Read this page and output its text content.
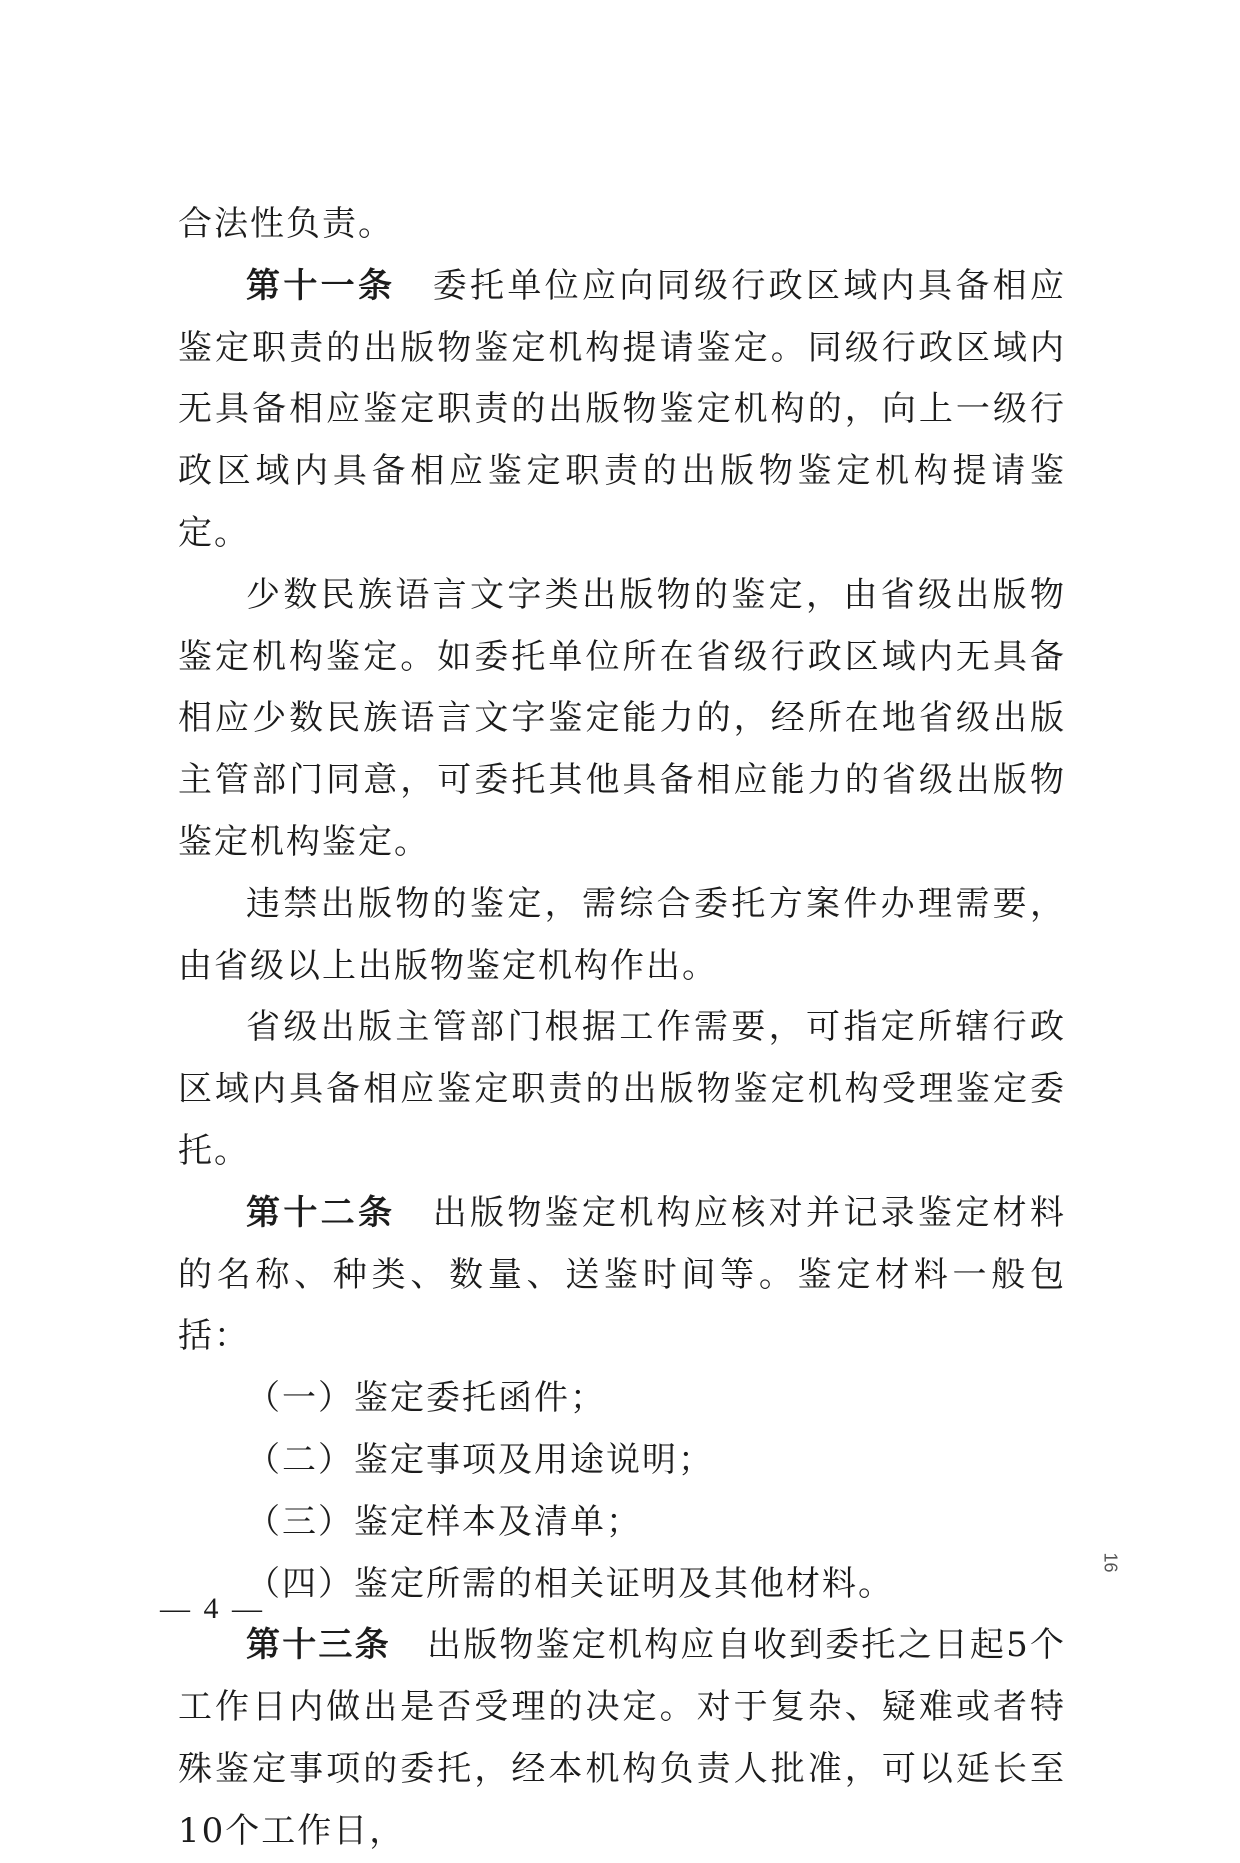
合法性负责。

第十一条　 委托单位应向同级行政区域内具备相应鉴定职责的出版物鉴定机构提请鉴定。同级行政区域内无具备相应鉴定职责的出版物鉴定机构的，向上一级行政区域内具备相应鉴定职责的出版物鉴定机构提请鉴定。

少数民族语言文字类出版物的鉴定，由省级出版物鉴定机构鉴定。如委托单位所在省级行政区域内无具备相应少数民族语言文字鉴定能力的，经所在地省级出版主管部门同意，可委托其他具备相应能力的省级出版物鉴定机构鉴定。

违禁出版物的鉴定，需综合委托方案件办理需要，由省级以上出版物鉴定机构作出。

省级出版主管部门根据工作需要，可指定所辖行政区域内具备相应鉴定职责的出版物鉴定机构受理鉴定委托。

第十二条　 出版物鉴定机构应核对并记录鉴定材料的名称、种类、数量、送鉴时间等。鉴定材料一般包括：

（一）鉴定委托函件；

（二）鉴定事项及用途说明；

（三）鉴定样本及清单；

（四）鉴定所需的相关证明及其他材料。

第十三条　 出版物鉴定机构应自收到委托之日起5个工作日内做出是否受理的决定。对于复杂、疑难或者特殊鉴定事项的委托，经本机构负责人批准，可以延长至10个工作日，

— 4 —
16
